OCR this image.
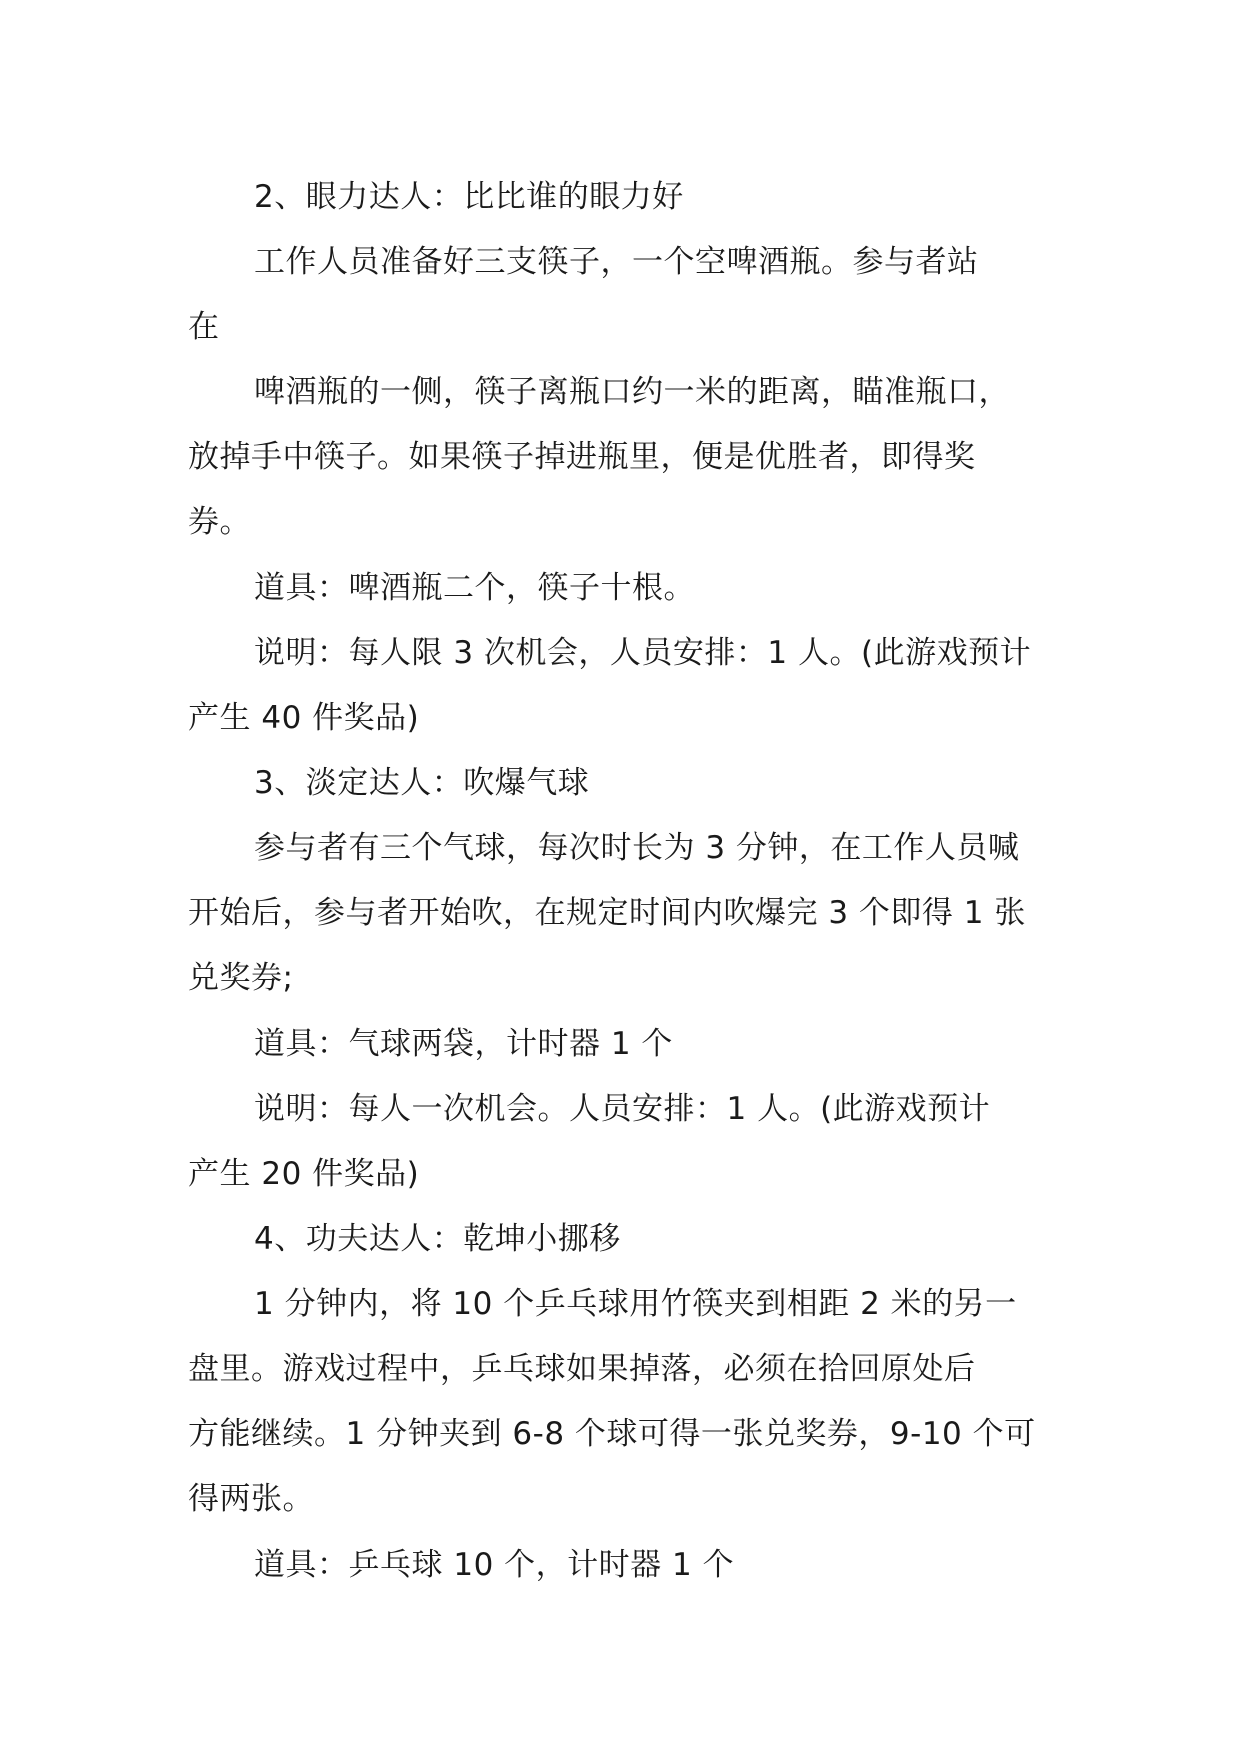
2、眼力达人：比比谁的眼力好
工作人员准备好三支筷子，一个空啤酒瓶。参与者站
在
啤酒瓶的一侧，筷子离瓶口约一米的距离，瞄准瓶口，
放掉手中筷子。如果筷子掉进瓶里，便是优胜者，即得奖
券。
道具：啤酒瓶二个，筷子十根。
说明：每人限 3 次机会，人员安排：1 人。(此游戏预计
产生 40 件奖品)
3、淡定达人：吹爆气球
参与者有三个气球，每次时长为 3 分钟，在工作人员喊
开始后，参与者开始吹，在规定时间内吹爆完 3 个即得 1 张
兑奖券;
道具：气球两袋，计时器 1 个
说明：每人一次机会。人员安排：1 人。(此游戏预计
产生 20 件奖品)
4、功夫达人：乾坤小挪移
1 分钟内，将 10 个乒乓球用竹筷夹到相距 2 米的另一
盘里。游戏过程中，乒乓球如果掉落，必须在拾回原处后
方能继续。1 分钟夹到 6-8 个球可得一张兑奖券，9-10 个可
得两张。
道具：乒乓球 10 个，计时器 1 个
